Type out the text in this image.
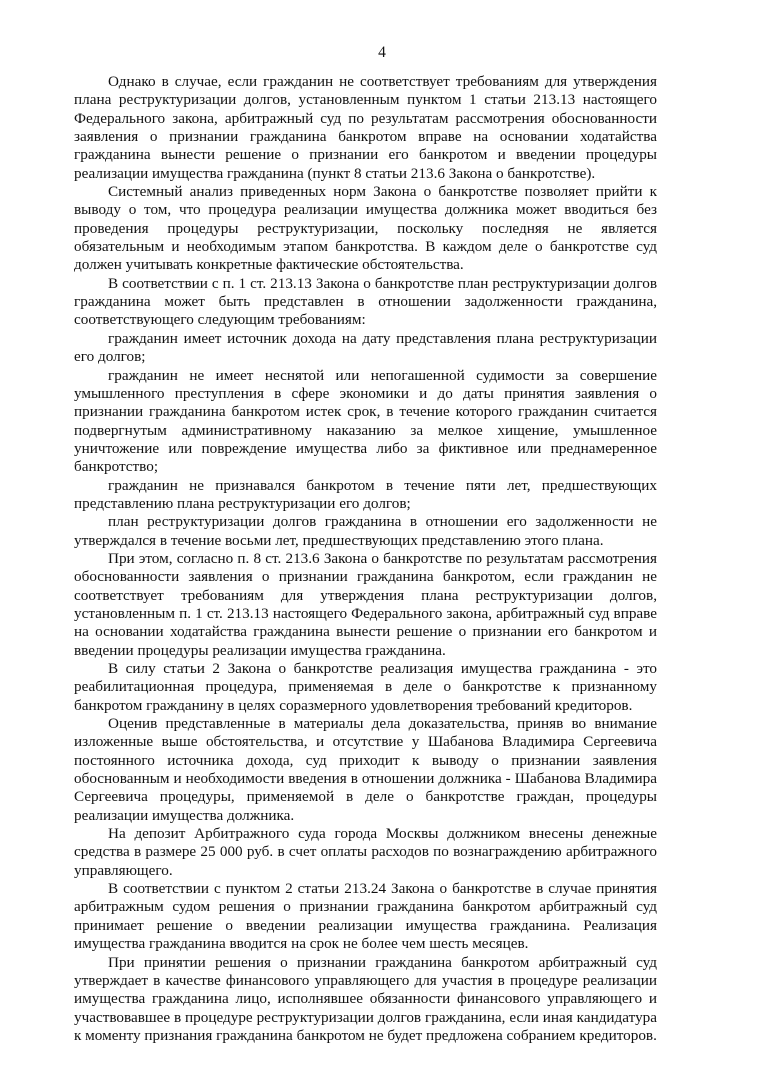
4

Однако в случае, если гражданин не соответствует требованиям для утверждения плана реструктуризации долгов, установленным пунктом 1 статьи 213.13 настоящего Федерального закона, арбитражный суд по результатам рассмотрения обоснованности заявления о признании гражданина банкротом вправе на основании ходатайства гражданина вынести решение о признании его банкротом и введении процедуры реализации имущества гражданина (пункт 8 статьи 213.6 Закона о банкротстве).

Системный анализ приведенных норм Закона о банкротстве позволяет прийти к выводу о том, что процедура реализации имущества должника может вводиться без проведения процедуры реструктуризации, поскольку последняя не является обязательным и необходимым этапом банкротства. В каждом деле о банкротстве суд должен учитывать конкретные фактические обстоятельства.

В соответствии с п. 1 ст. 213.13 Закона о банкротстве план реструктуризации долгов гражданина может быть представлен в отношении задолженности гражданина, соответствующего следующим требованиям:

гражданин имеет источник дохода на дату представления плана реструктуризации его долгов;

гражданин не имеет неснятой или непогашенной судимости за совершение умышленного преступления в сфере экономики и до даты принятия заявления о признании гражданина банкротом истек срок, в течение которого гражданин считается подвергнутым административному наказанию за мелкое хищение, умышленное уничтожение или повреждение имущества либо за фиктивное или преднамеренное банкротство;

гражданин не признавался банкротом в течение пяти лет, предшествующих представлению плана реструктуризации его долгов;

план реструктуризации долгов гражданина в отношении его задолженности не утверждался в течение восьми лет, предшествующих представлению этого плана.

При этом, согласно п. 8 ст. 213.6 Закона о банкротстве по результатам рассмотрения обоснованности заявления о признании гражданина банкротом, если гражданин не соответствует требованиям для утверждения плана реструктуризации долгов, установленным п. 1 ст. 213.13 настоящего Федерального закона, арбитражный суд вправе на основании ходатайства гражданина вынести решение о признании его банкротом и введении процедуры реализации имущества гражданина.

В силу статьи 2 Закона о банкротстве реализация имущества гражданина - это реабилитационная процедура, применяемая в деле о банкротстве к признанному банкротом гражданину в целях соразмерного удовлетворения требований кредиторов.

Оценив представленные в материалы дела доказательства, приняв во внимание изложенные выше обстоятельства, и отсутствие у Шабанова Владимира Сергеевича постоянного источника дохода, суд приходит к выводу о признании заявления обоснованным и необходимости введения в отношении должника - Шабанова Владимира Сергеевича процедуры, применяемой в деле о банкротстве граждан, процедуры реализации имущества должника.

На депозит Арбитражного суда города Москвы должником внесены денежные средства в размере 25 000 руб. в счет оплаты расходов по вознаграждению арбитражного управляющего.

В соответствии с пунктом 2 статьи 213.24 Закона о банкротстве в случае принятия арбитражным судом решения о признании гражданина банкротом арбитражный суд принимает решение о введении реализации имущества гражданина. Реализация имущества гражданина вводится на срок не более чем шесть месяцев.

При принятии решения о признании гражданина банкротом арбитражный суд утверждает в качестве финансового управляющего для участия в процедуре реализации имущества гражданина лицо, исполнявшее обязанности финансового управляющего и участвовавшее в процедуре реструктуризации долгов гражданина, если иная кандидатура к моменту признания гражданина банкротом не будет предложена собранием кредиторов.
